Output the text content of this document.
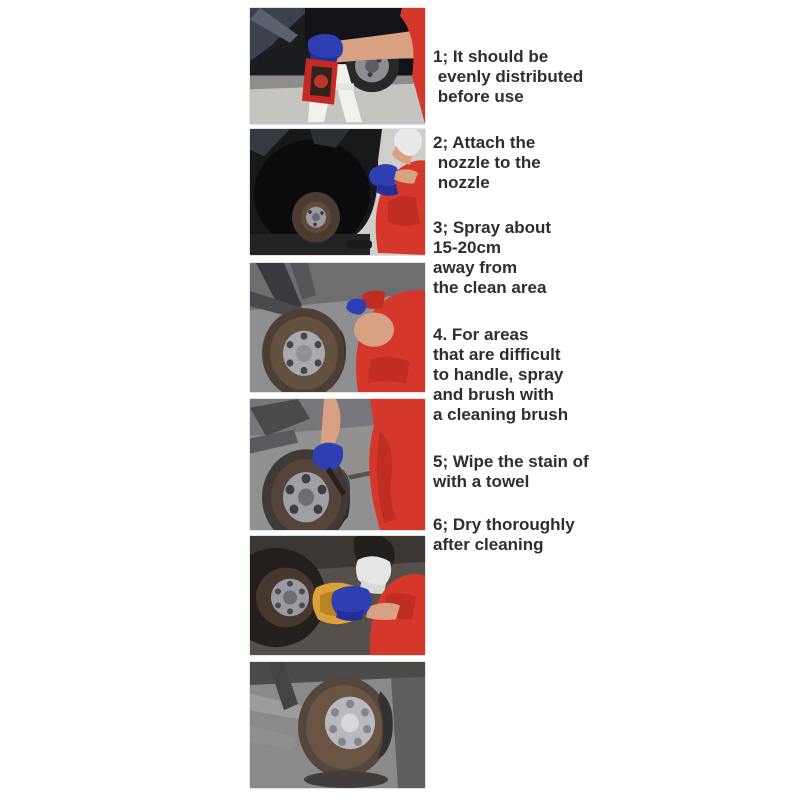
1; It should be
evenly distributed
before use
2; Attach the
nozzle to the
nozzle
3; Spray about
15-20cm
away from
the clean area
4. For areas
that are difficult
to handle, spray
and brush with
a cleaning brush
5; Wipe the stain of
with a towel
6; Dry thoroughly
after cleaning
